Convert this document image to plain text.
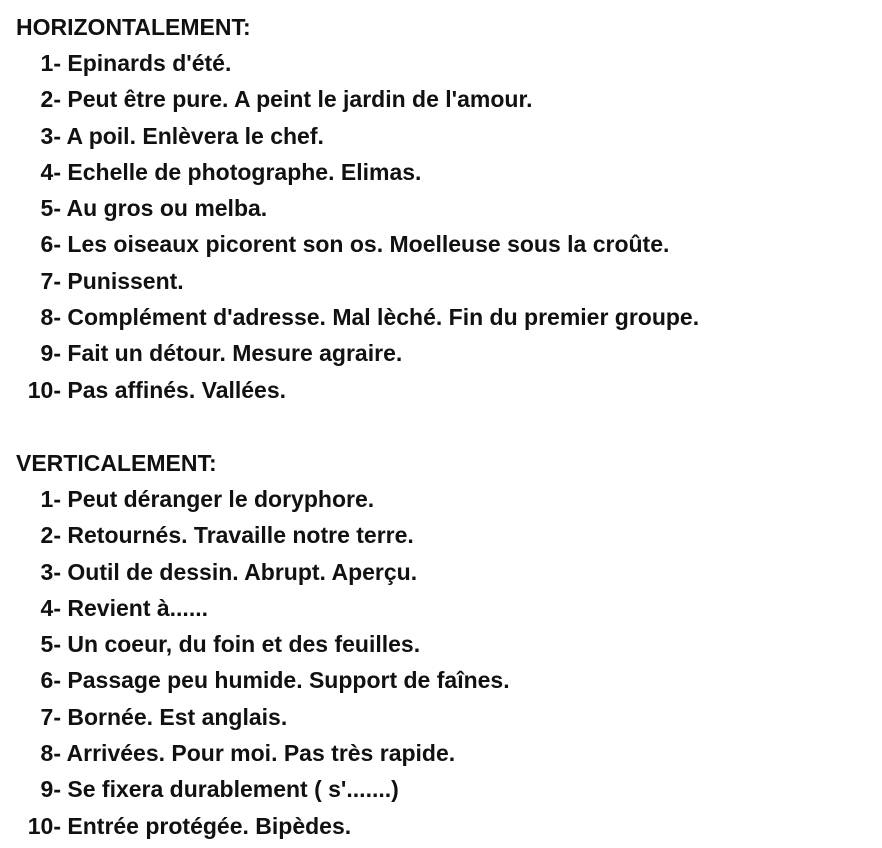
HORIZONTALEMENT:
1- Epinards d'été.
2- Peut être pure. A peint le jardin de l'amour.
3- A poil. Enlèvera le chef.
4- Echelle de photographe. Elimas.
5- Au gros ou melba.
6- Les oiseaux picorent son os. Moelleuse sous la croûte.
7- Punissent.
8- Complément d'adresse. Mal lèché. Fin du premier groupe.
9- Fait un détour. Mesure agraire.
10- Pas affinés. Vallées.
VERTICALEMENT:
1- Peut déranger le doryphore.
2- Retournés. Travaille notre terre.
3- Outil de dessin. Abrupt. Aperçu.
4- Revient à......
5- Un coeur, du foin et des feuilles.
6- Passage peu humide. Support de faînes.
7- Bornée. Est anglais.
8- Arrivées. Pour moi. Pas très rapide.
9- Se fixera durablement ( s'.......)
10- Entrée protégée. Bipèdes.
